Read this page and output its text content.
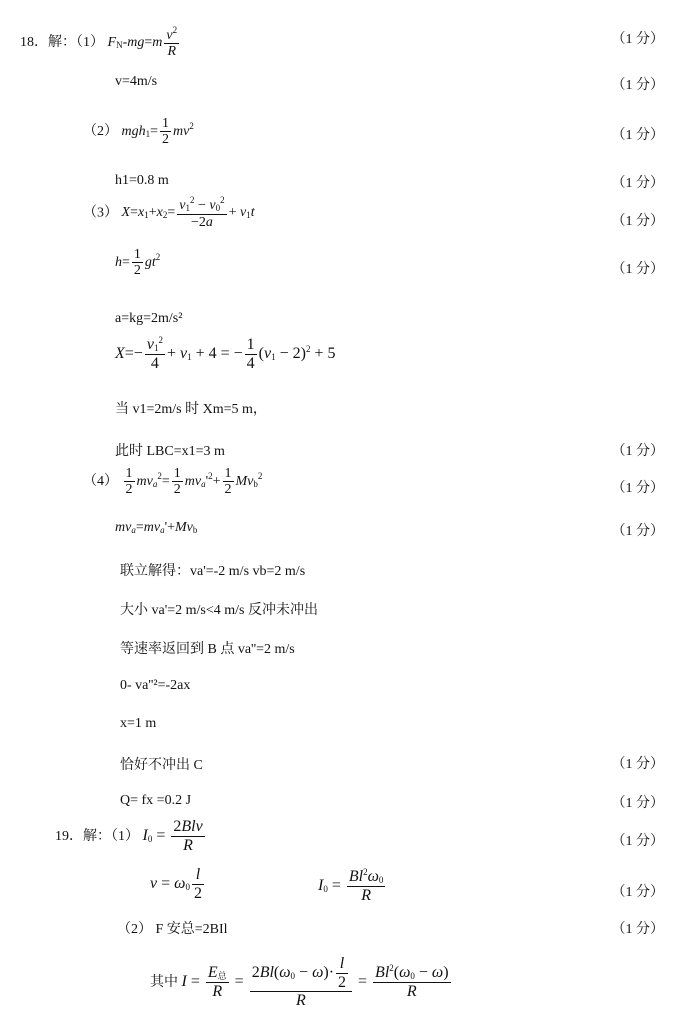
18．解：（1） $FN-mg=m \frac{v^2}{R}$	（1 分）
v=4m/s	（1 分）
（2） $mgh1= \frac{1}{2} mv^2$
（1 分）
h1=0.8 m	（1 分）
（3） $X=x1+x2= \frac{v1^2 - v0^2}{-2a} + v1t$
（1 分）
$h= \frac{1}{2} gt^2$
（1 分）
a=kg=2m/s²
$X=- \frac{v1^2}{4} + v1 + 4$ = − $\frac{1}{4} (v1 - 2)^2 + 5$
当 v1=2m/s 时 Xm=5 m，
此时 LBC=x1=3 m	（1 分）
$(4) \frac{1}{2} mva^2= \frac{1}{2} mva'^2+ \frac{1}{2} Mvb^2$
（1 分）
mva=mva'+Mvb	（1 分）
联立解得：va'=-2 m/s vb=2 m/s
大小 va'=2 m/s<4 m/s 反冲未冲出
等速率返回到 B 点 va''=2 m/s
0- va''²=-2ax
x=1 m
恰好不冲出 C	（1 分）
Q= fx =0.2 J	（1 分）
19．解：（1） $I0 = \frac{\text{2Blv}}{R}$	（1 分）
$v = \omega 0 \frac{l}{2}$	$I0 = \frac{Bl^2\omega 0}{R}$	（1 分）
（2） F 安总=2BIl	（1 分）
其中 $I = \frac{\text{E总}}{R} = \frac{2Bl(\omega 0 - \omega)\cdot \frac{l}{2}}{R} = \frac{Bl^2(\omega 0 - \omega)}{R}$
